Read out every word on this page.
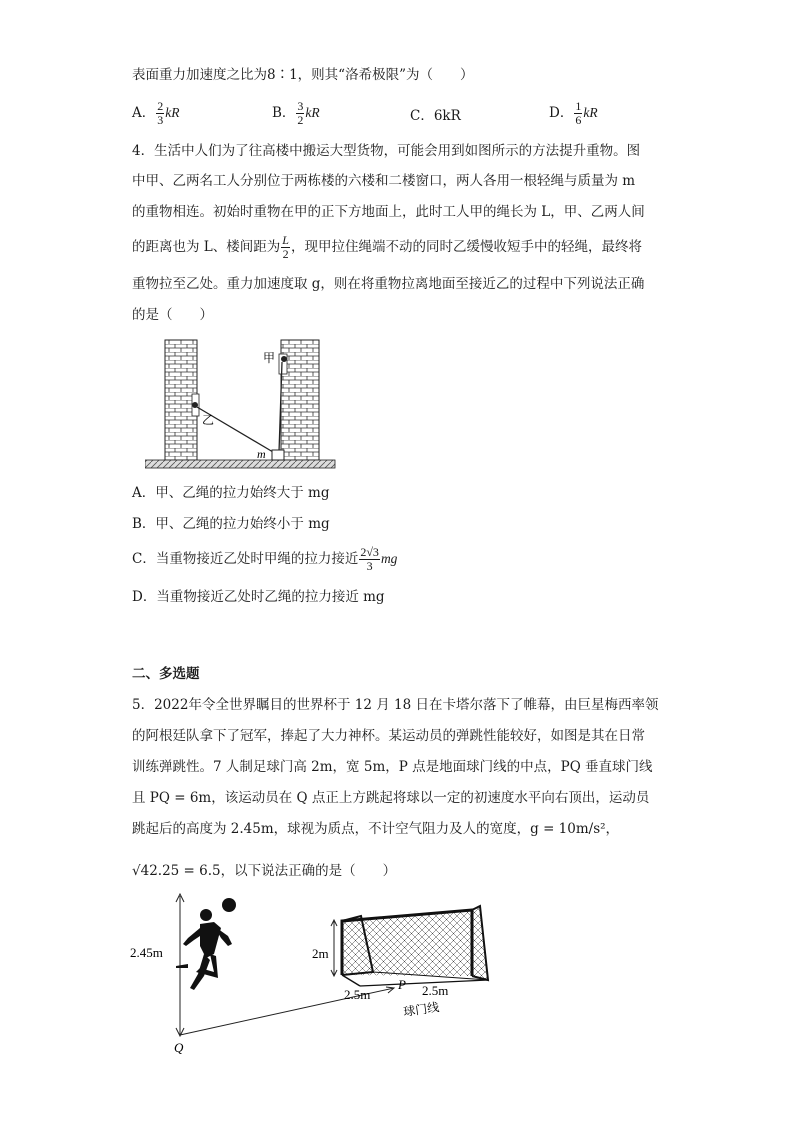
表面重力加速度之比为8∶1，则其“洛希极限”为（　　）
A． $\frac{2}{3}$ kR	B． $\frac{3}{2}$ kR	C．6kR	D． $\frac{1}{6}$ kR
4．生活中人们为了往高楼中搬运大型货物，可能会用到如图所示的方法提升重物。图
中甲、乙两名工人分别位于两栋楼的六楼和二楼窗口，两人各用一根轻绳与质量为 m
的重物相连。初始时重物在甲的正下方地面上，此时工人甲的绳长为 L，甲、乙两人间
的距离也为 L、楼间距为 $\frac{L}{2}$ ，现甲拉住绳端不动的同时乙缓慢收短手中的轻绳，最终将
重物拉至乙处。重力加速度取 g，则在将重物拉离地面至接近乙的过程中下列说法正确
的是（　　）
甲
乙
m
A．甲、乙绳的拉力始终大于 mg
B．甲、乙绳的拉力始终小于 mg
C．当重物接近乙处时甲绳的拉力接近 $\frac{2√3}{3}$ mg
D．当重物接近乙处时乙绳的拉力接近 mg
二、多选题
5．2022年令全世界瞩目的世界杯于 12 月 18 日在卡塔尔落下了帷幕，由巨星梅西率领
的阿根廷队拿下了冠军，捧起了大力神杯。某运动员的弹跳性能较好，如图是其在日常
训练弹跳性。7 人制足球门高 2m，宽 5m，P 点是地面球门线的中点，PQ 垂直球门线
且 PQ = 6m，该运动员在 Q 点正上方跳起将球以一定的初速度水平向右顶出，运动员
跳起后的高度为 2.45m，球视为质点，不计空气阻力及人的宽度，g = 10m/s²，
√42.25 = 6.5，以下说法正确的是（　　）
2.45m
Q
2m
2.5m	2.5m
P
球门线
